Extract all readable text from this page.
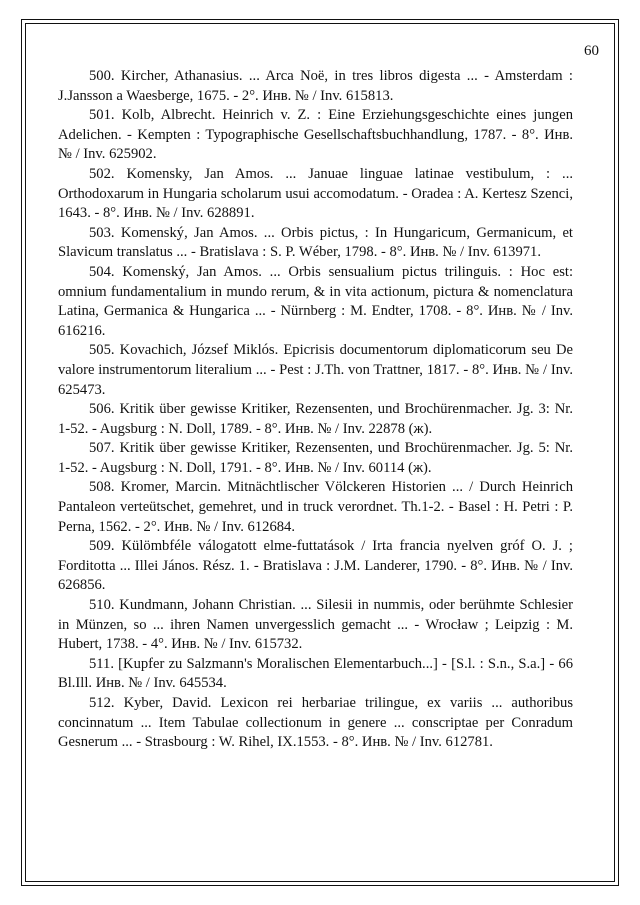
60

500. Kircher, Athanasius. ... Arca Noë, in tres libros digesta ... - Amsterdam : J.Jansson a Waesberge, 1675. - 2°. Инв. № / Inv. 615813.

501. Kolb, Albrecht. Heinrich v. Z. : Eine Erziehungsgeschichte eines jungen Adelichen. - Kempten : Typographische Gesellschaftsbuchhandlung, 1787. - 8°. Инв. № / Inv. 625902.

502. Komensky, Jan Amos. ... Januae linguae latinae vestibulum, : ... Orthodoxarum in Hungaria scholarum usui accomodatum. - Oradea : A. Kertesz Szenci, 1643. - 8°. Инв. № / Inv. 628891.

503. Komenský, Jan Amos. ... Orbis pictus, : In Hungaricum, Germanicum, et Slavicum translatus ... - Bratislava : S. P. Wéber, 1798. - 8°. Инв. № / Inv. 613971.

504. Komenský, Jan Amos. ... Orbis sensualium pictus trilinguis. : Hoc est: omnium fundamentalium in mundo rerum, & in vita actionum, pictura & nomenclatura Latina, Germanica & Hungarica ... - Nürnberg : M. Endter, 1708. - 8°. Инв. № / Inv. 616216.

505. Kovachich, József Miklós. Epicrisis documentorum diplomaticorum seu De valore instrumentorum literalium ... - Pest : J.Th. von Trattner, 1817. - 8°. Инв. № / Inv. 625473.

506. Kritik über gewisse Kritiker, Rezensenten, und Brochürenmacher. Jg. 3: Nr. 1-52. - Augsburg : N. Doll, 1789. - 8°. Инв. № / Inv. 22878 (ж).

507. Kritik über gewisse Kritiker, Rezensenten, und Brochürenmacher. Jg. 5: Nr. 1-52. - Augsburg : N. Doll, 1791. - 8°. Инв. № / Inv. 60114 (ж).

508. Kromer, Marcin. Mitnächtlischer Völckeren Historien ... / Durch Heinrich Pantaleon verteütschet, gemehret, und in truck verordnet. Th.1-2. - Basel : H. Petri : P. Perna, 1562. - 2°. Инв. № / Inv. 612684.

509. Külömbféle válogatott elme-futtatások / Irta francia nyelven gróf O. J. ; Forditotta ... Illei János. Rész. 1. - Bratislava : J.M. Landerer, 1790. - 8°. Инв. № / Inv. 626856.

510. Kundmann, Johann Christian. ... Silesii in nummis, oder berühmte Schlesier in Münzen, so ... ihren Namen unvergesslich gemacht ... - Wrocław ; Leipzig : M. Hubert, 1738. - 4°. Инв. № / Inv. 615732.

511. [Kupfer zu Salzmann's Moralischen Elementarbuch...] - [S.l. : S.n., S.a.] - 66 Bl.Ill. Инв. № / Inv. 645534.

512. Kyber, David. Lexicon rei herbariae trilingue, ex variis ... authoribus concinnatum ... Item Tabulae collectionum in genere ... conscriptae per Conradum Gesnerum ... - Strasbourg : W. Rihel, IX.1553. - 8°. Инв. № / Inv. 612781.
